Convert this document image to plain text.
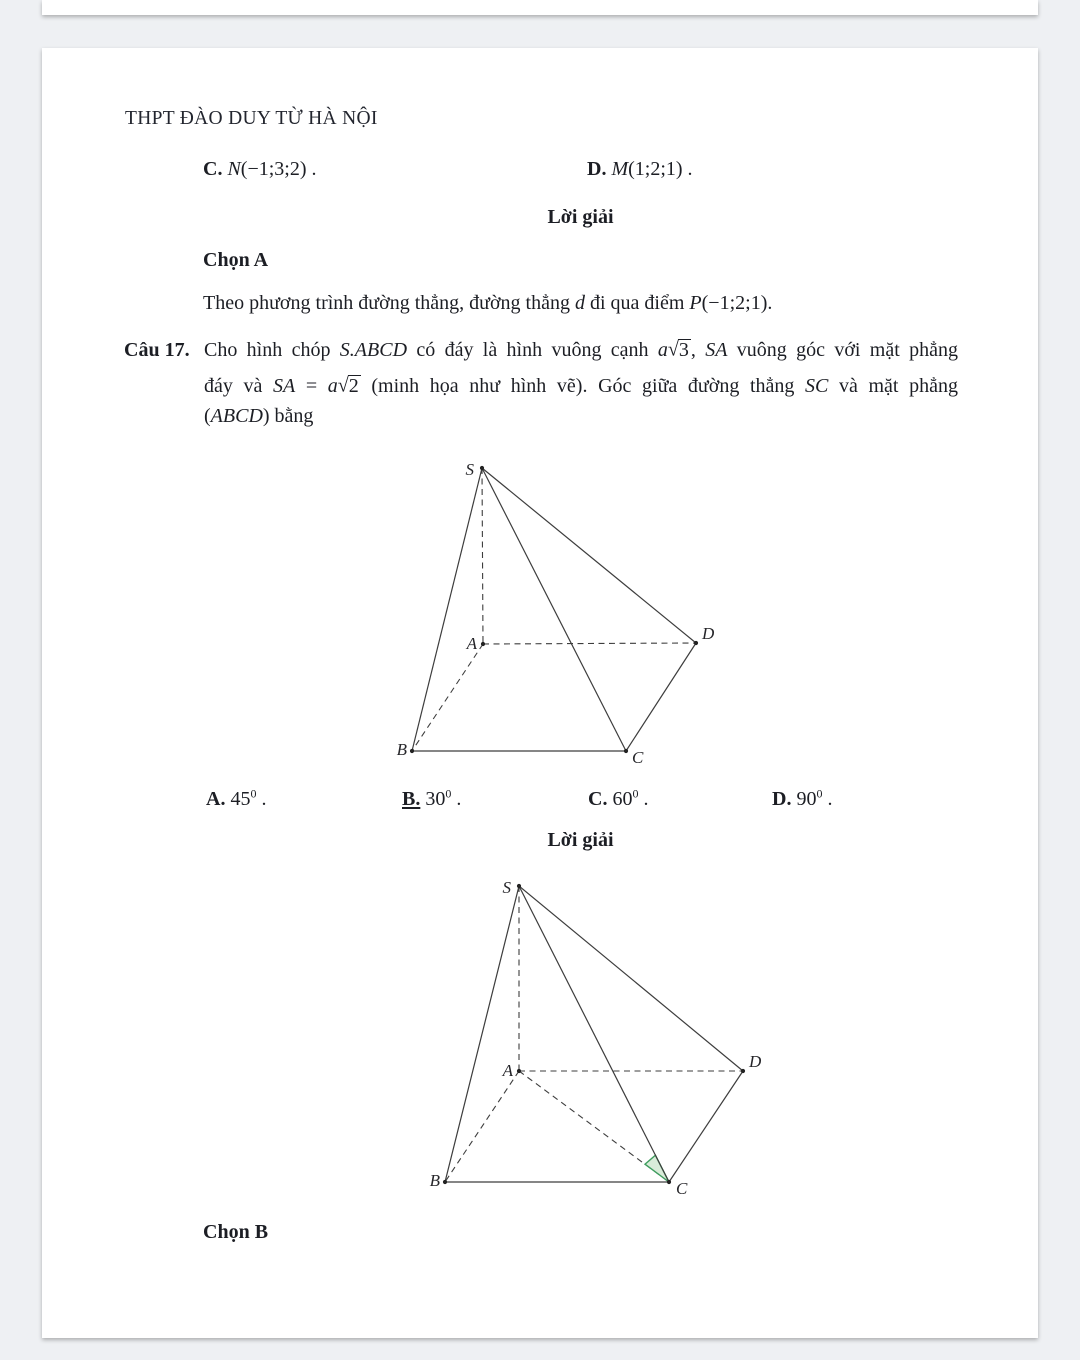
THPT ĐÀO DUY TỪ HÀ NỘI
C. N(−1;3;2) .	D. M(1;2;1) .
Lời giải
Chọn A
Theo phương trình đường thẳng, đường thẳng d đi qua điểm P(−1;2;1).
Câu 17. Cho hình chóp S.ABCD có đáy là hình vuông cạnh a√3 , SA vuông góc với mặt phẳng
đáy và SA = a√2 (minh họa như hình vẽ). Góc giữa đường thẳng SC và mặt phẳng
(ABCD) bằng
S
A
D
B	C
A. $45^0$ .	B. $30^0$ .	C. $60^0$ .	D. $90^0$ .
Lời giải
S
A	D
B	C
Chọn B
